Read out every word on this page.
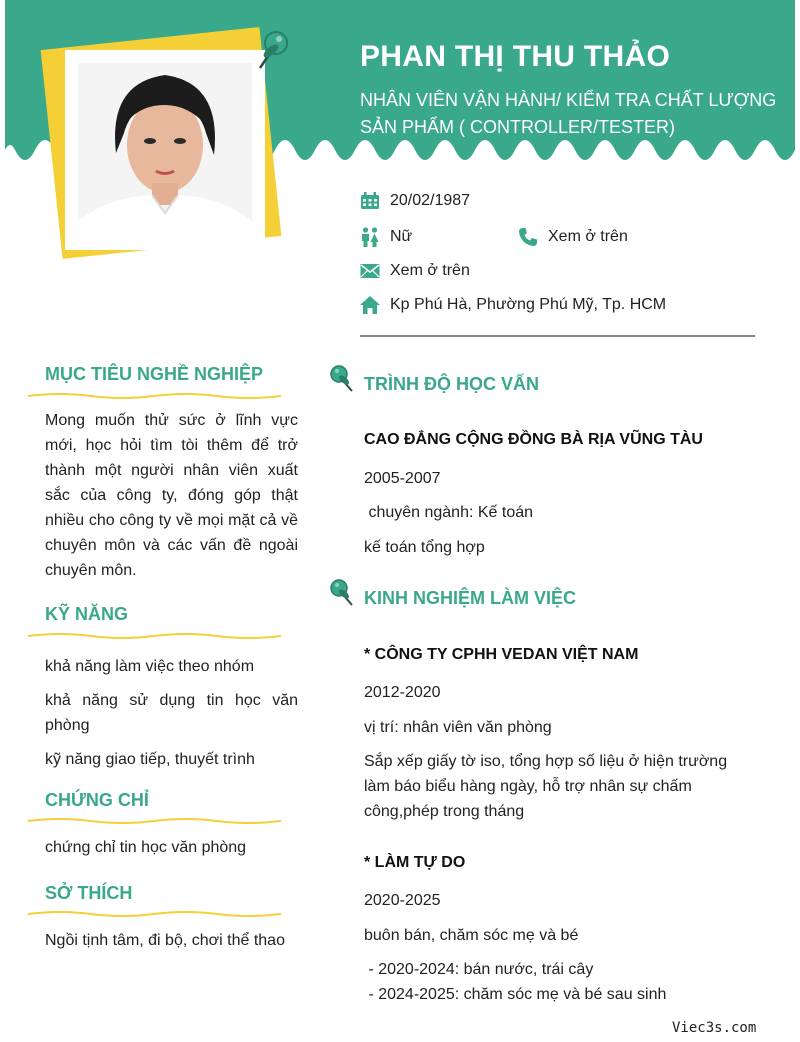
PHAN THỊ THU THẢO
NHÂN VIÊN VẬN HÀNH/ KIỂM TRA CHẤT LƯỢNG SẢN PHẨM ( CONTROLLER/TESTER)
20/02/1987
Nữ	Xem ở trên
Xem ở trên
Kp Phú Hà, Phường Phú Mỹ, Tp. HCM
MỤC TIÊU NGHỀ NGHIỆP
Mong muốn thử sức ở lĩnh vực mới, học hỏi tìm tòi thêm để trở thành một người nhân viên xuất sắc của công ty, đóng góp thật nhiều cho công ty về mọi mặt cả về chuyên môn và các vấn đề ngoài chuyên môn.
KỸ NĂNG
khả năng làm việc theo nhóm
khả năng sử dụng tin học văn phòng
kỹ năng giao tiếp, thuyết trình
CHỨNG CHỈ
chứng chỉ tin học văn phòng
SỞ THÍCH
Ngồi tịnh tâm, đi bộ, chơi thể thao
TRÌNH ĐỘ HỌC VẤN
CAO ĐẲNG CỘNG ĐỒNG BÀ RỊA VŨNG TÀU
2005-2007
chuyên ngành: Kế toán
kế toán tổng hợp
KINH NGHIỆM LÀM VIỆC
* CÔNG TY CPHH VEDAN VIỆT NAM
2012-2020
vị trí: nhân viên văn phòng
Sắp xếp giấy tờ iso, tổng hợp số liệu ở hiện trường làm báo biểu hàng ngày, hỗ trợ nhân sự chấm công,phép trong tháng
* LÀM TỰ DO
2020-2025
buôn bán, chăm sóc mẹ và bé
- 2020-2024: bán nước, trái cây
- 2024-2025: chăm sóc mẹ và bé sau sinh
Viec3s.com
